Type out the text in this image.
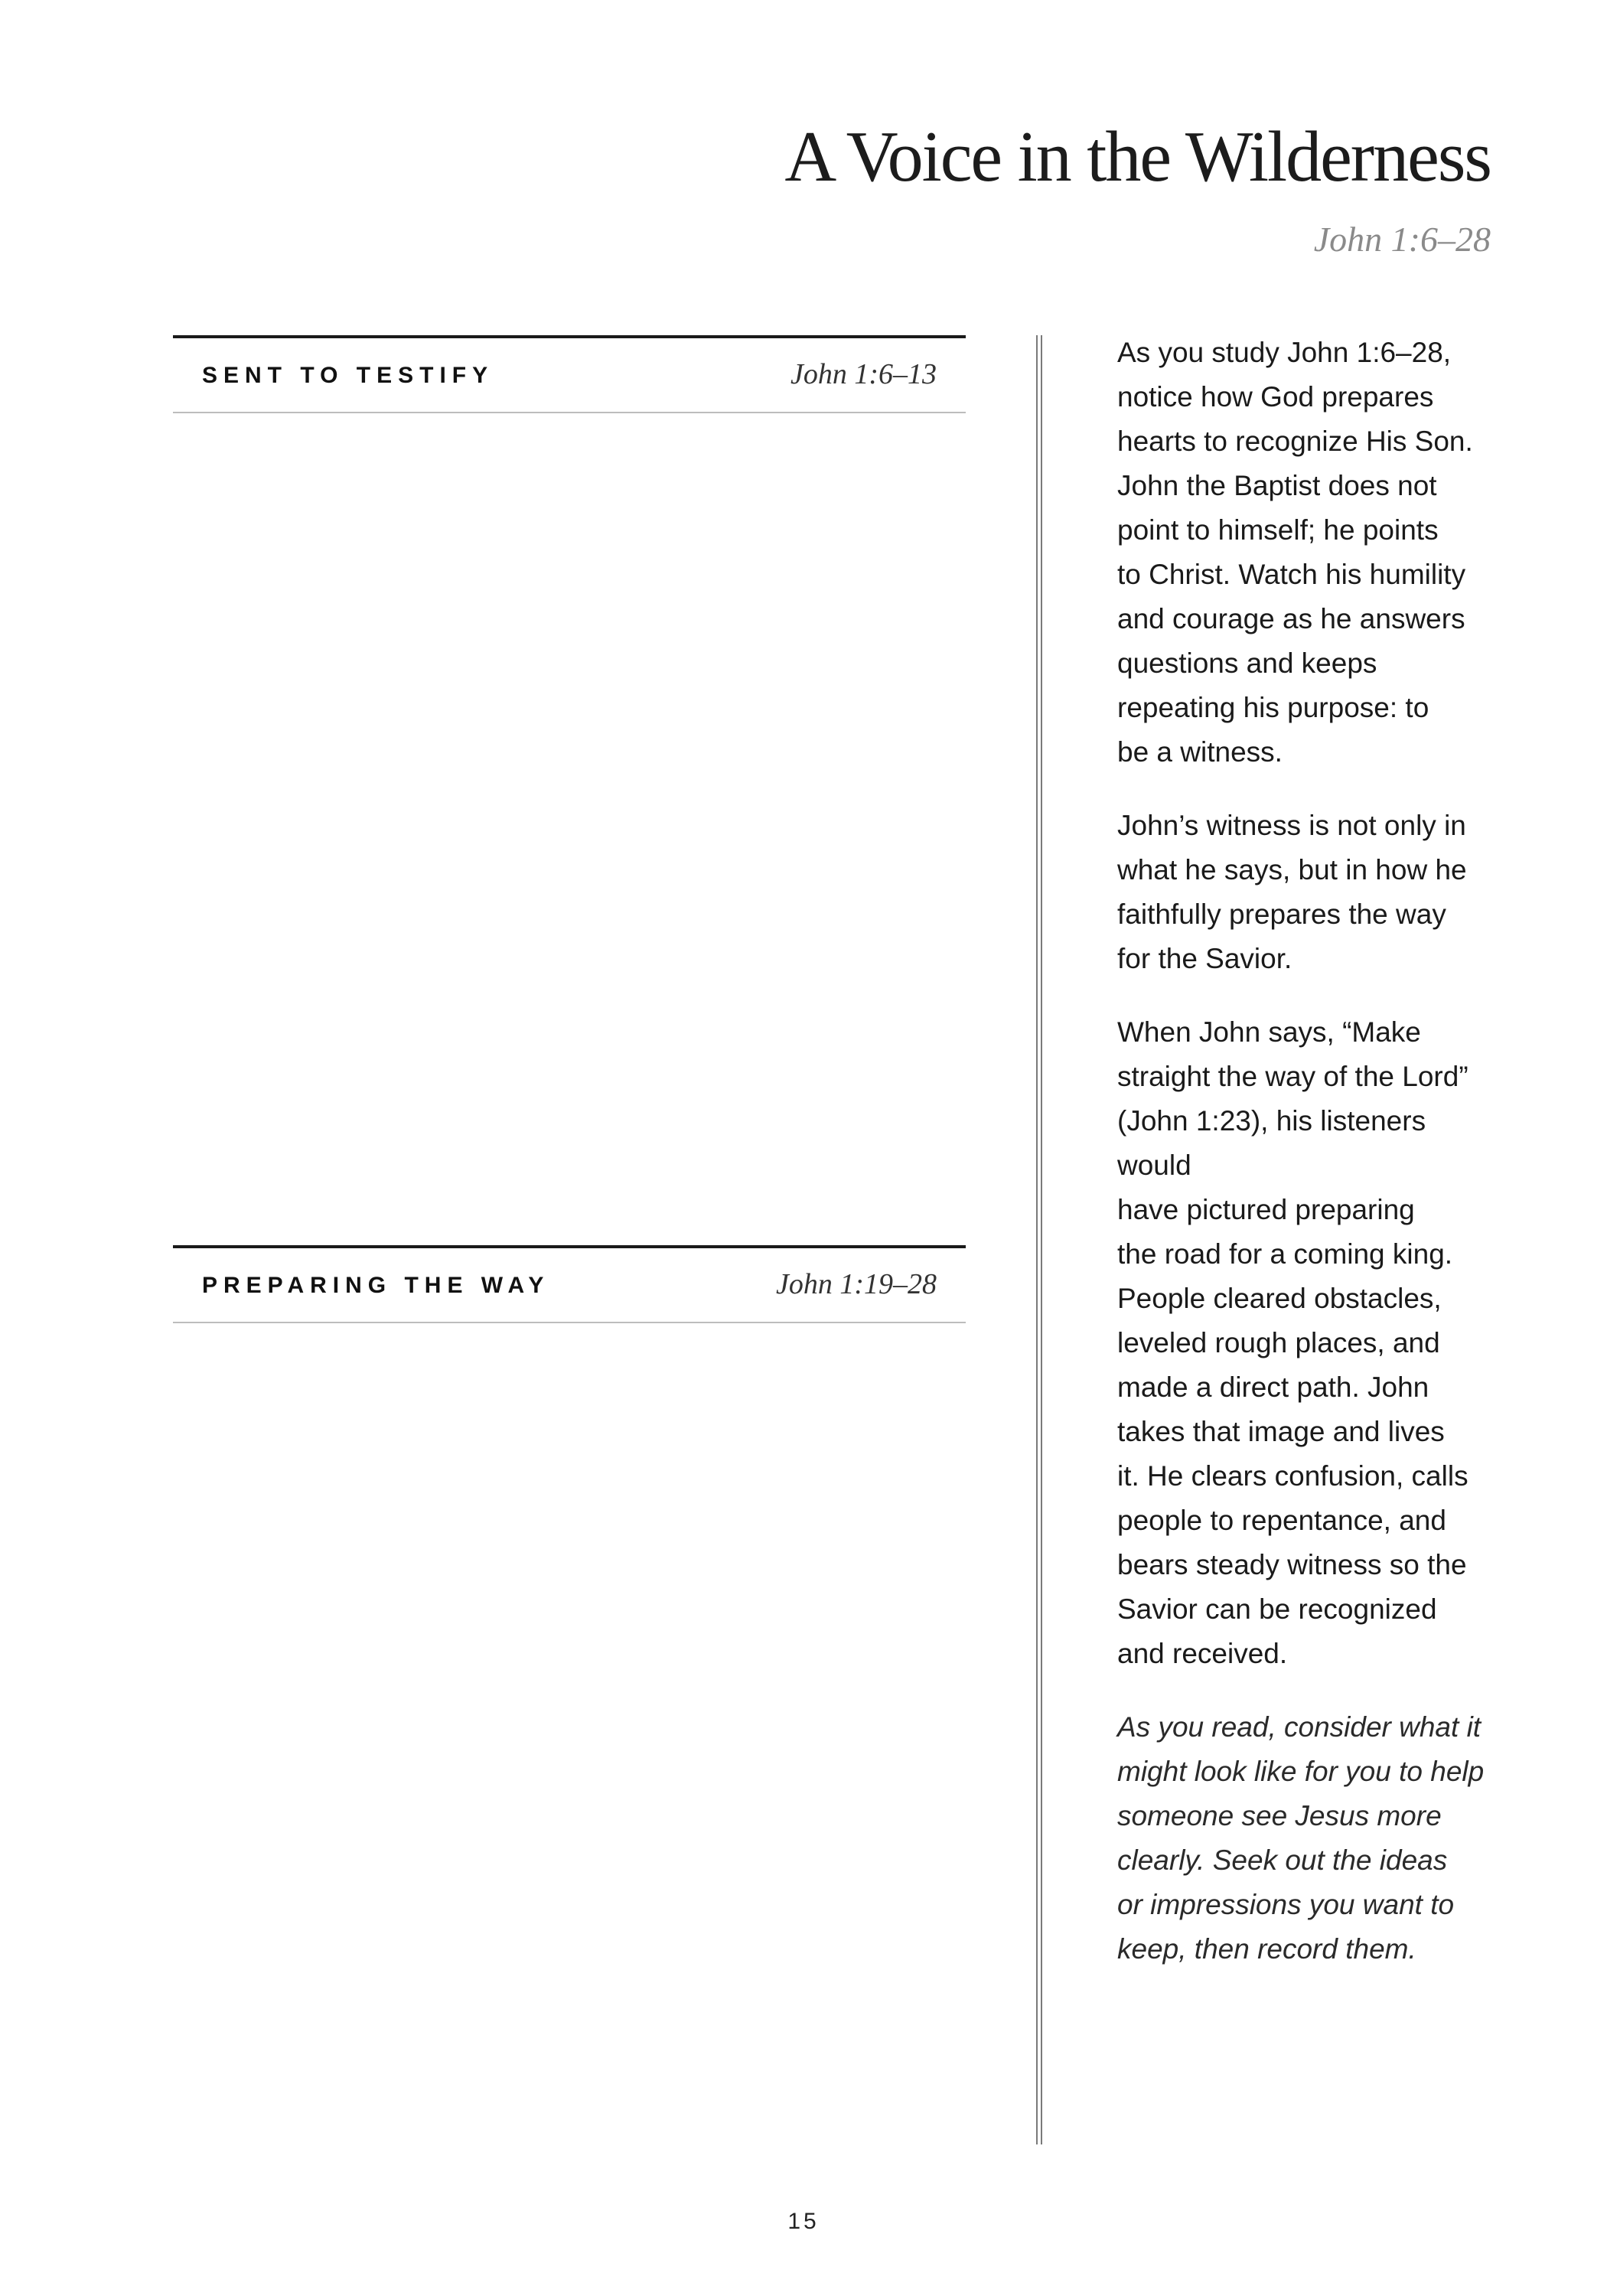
A Voice in the Wilderness
John 1:6–28
SENT TO TESTIFY	John 1:6–13
PREPARING THE WAY	John 1:19–28

As you study John 1:6–28,
notice how God prepares
hearts to recognize His Son.
John the Baptist does not
point to himself; he points
to Christ. Watch his humility
and courage as he answers
questions and keeps
repeating his purpose: to
be a witness.

John’s witness is not only in
what he says, but in how he
faithfully prepares the way
for the Savior.

When John says, “Make
straight the way of the Lord”
(John 1:23), his listeners would
have pictured preparing
the road for a coming king.
People cleared obstacles,
leveled rough places, and
made a direct path. John
takes that image and lives
it. He clears confusion, calls
people to repentance, and
bears steady witness so the
Savior can be recognized
and received.

As you read, consider what it
might look like for you to help
someone see Jesus more
clearly. Seek out the ideas
or impressions you want to
keep, then record them.

15
